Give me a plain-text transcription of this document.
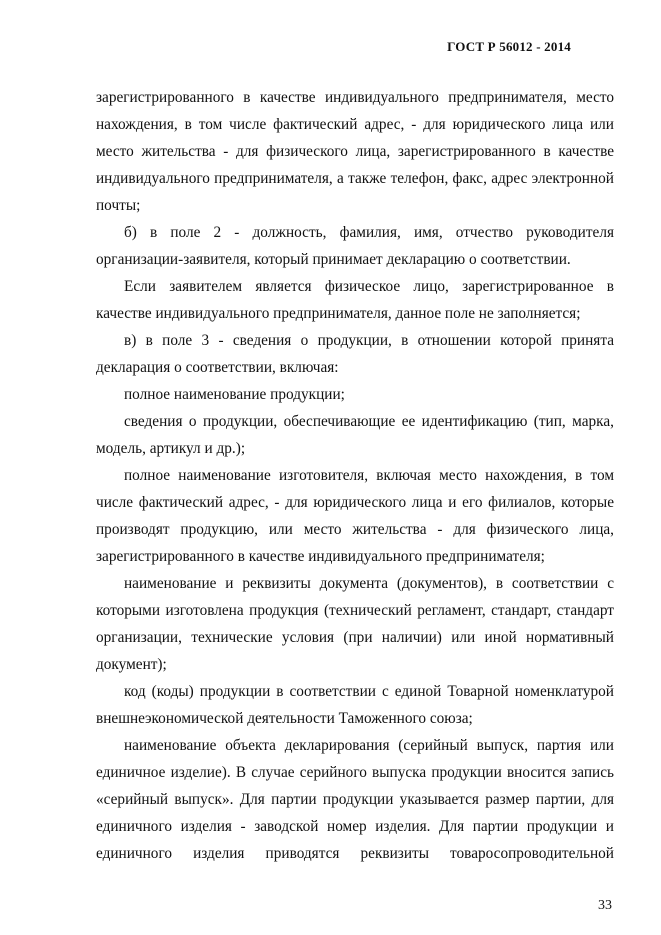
ГОСТ Р 56012 - 2014

зарегистрированного в качестве индивидуального предпринимателя, место нахождения, в том числе фактический адрес, - для юридического лица или место жительства - для физического лица, зарегистрированного в качестве индивидуального предпринимателя, а также телефон, факс, адрес электронной почты;

б) в поле 2 - должность, фамилия, имя, отчество руководителя организации-заявителя, который принимает декларацию о соответствии.

Если заявителем является физическое лицо, зарегистрированное в качестве индивидуального предпринимателя, данное поле не заполняется;

в) в поле 3 - сведения о продукции, в отношении которой принята декларация о соответствии, включая:

полное наименование продукции;

сведения о продукции, обеспечивающие ее идентификацию (тип, марка, модель, артикул и др.);

полное наименование изготовителя, включая место нахождения, в том числе фактический адрес, - для юридического лица и его филиалов, которые производят продукцию, или место жительства - для физического лица, зарегистрированного в качестве индивидуального предпринимателя;

наименование и реквизиты документа (документов), в соответствии с которыми изготовлена продукция (технический регламент, стандарт, стандарт организации, технические условия (при наличии) или иной нормативный документ);

код (коды) продукции в соответствии с единой Товарной номенклатурой внешнеэкономической деятельности Таможенного союза;

наименование объекта декларирования (серийный выпуск, партия или единичное изделие). В случае серийного выпуска продукции вносится запись «серийный выпуск». Для партии продукции указывается размер партии, для единичного изделия - заводской номер изделия. Для партии продукции и единичного изделия приводятся реквизиты товаросопроводительной

33
